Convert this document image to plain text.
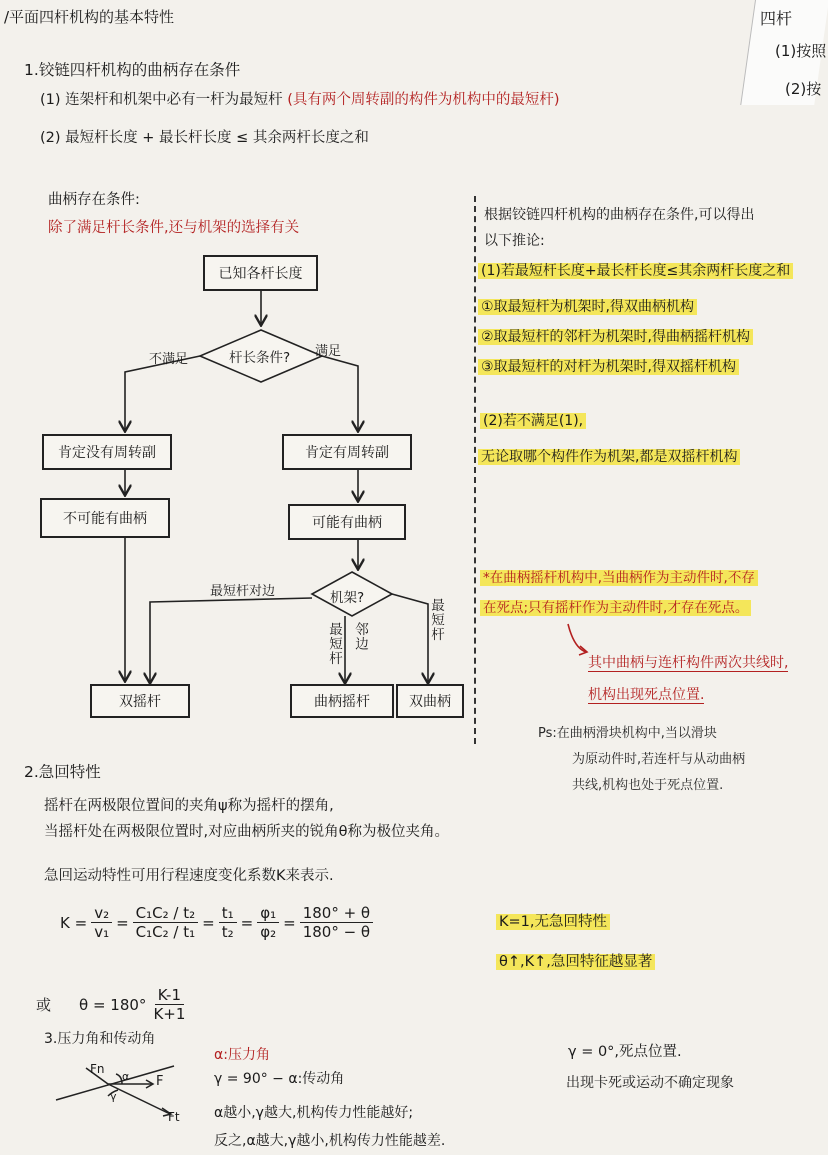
四杆
(1)按照
(2)按
/平面四杆机构的基本特性
1.铰链四杆机构的曲柄存在条件
(1) 连架杆和机架中必有一杆为最短杆 (具有两个周转副的构件为机构中的最短杆)
(2) 最短杆长度 + 最长杆长度 ≤ 其余两杆长度之和
曲柄存在条件:
除了满足杆长条件,还与机架的选择有关
已知各杆长度
杆长条件?
不满足
满足
肯定没有周转副
不可能有曲柄
肯定有周转副
可能有曲柄
机架?
最短杆对边
最短杆 邻边	最短杆
双摇杆	曲柄摇杆	双曲柄
根据铰链四杆机构的曲柄存在条件,可以得出
以下推论:
(1)若最短杆长度+最长杆长度≤其余两杆长度之和
①取最短杆为机架时,得双曲柄机构
②取最短杆的邻杆为机架时,得曲柄摇杆机构
③取最短杆的对杆为机架时,得双摇杆机构
(2)若不满足(1),
无论取哪个构件作为机架,都是双摇杆机构
*在曲柄摇杆机构中,当曲柄作为主动件时,不存
在死点;只有摇杆作为主动件时,才存在死点。
其中曲柄与连杆构件两次共线时,
机构出现死点位置.
Ps:在曲柄滑块机构中,当以滑块
为原动件时,若连杆与从动曲柄
共线,机构也处于死点位置.
2.急回特性
摇杆在两极限位置间的夹角ψ称为摇杆的摆角,
当摇杆处在两极限位置时,对应曲柄所夹的锐角θ称为极位夹角。
急回运动特性可用行程速度变化系数K来表示.
$K = \frac{\text{v₂}}{\text{v₁}} = \frac{\text{C₁C₂ / t₂}}{\text{C₁C₂ / t₁}} = \frac{\text{t₁}}{\text{t₂}} = \frac{\text{φ₁}}{\text{φ₂}} = \frac{180^\circ + \theta}{180^\circ - \theta}$	K=1,无急回特性
θ↑,K↑,急回特征越显著
或 $\theta = 180^\circ \frac{K-1}{K+1}$
3.压力角和传动角
Fn
F
Ft
α
γ
α:压力角
γ = 90° − α:传动角
α越小,γ越大,机构传力性能越好;
反之,α越大,γ越小,机构传力性能越差.
γ = 0°,死点位置.
出现卡死或运动不确定现象
